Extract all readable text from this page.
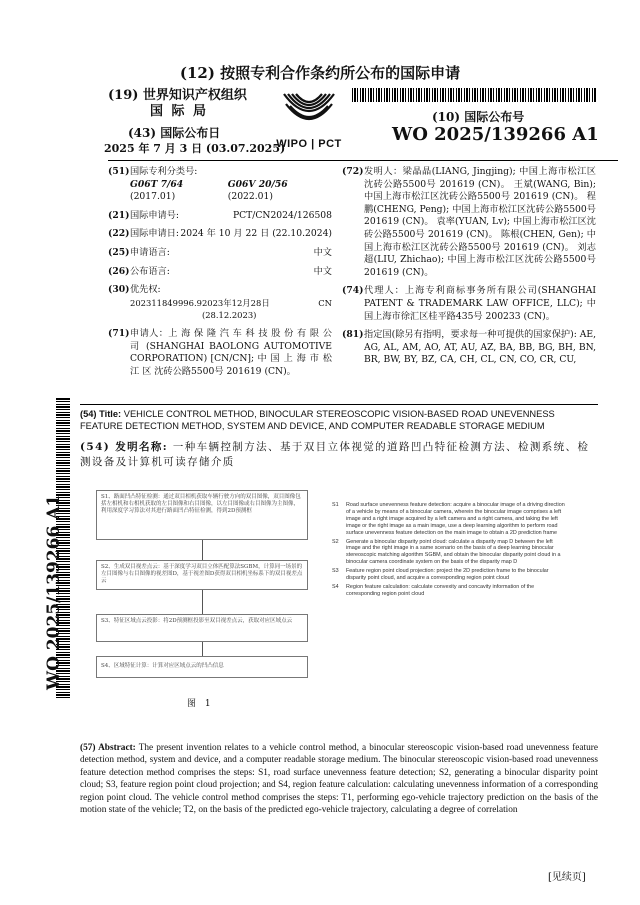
(12) 按照专利合作条约所公布的国际申请
(19) 世界知识产权组织
国 际 局
(43) 国际公布日
2025 年 7 月 3 日 (03.07.2025)
WIPO | PCT
(10) 国际公布号
WO 2025/139266 A1
(51) 国际专利分类号:
G06T 7/64 (2017.01)
G06V 20/56 (2022.01)
(21) 国际申请号:	PCT/CN2024/126508
(22) 国际申请日: 2024 年 10 月 22 日 (22.10.2024)
(25) 申请语言:	中文
(26) 公布语言:	中文
(30) 优先权:
202311849996.9 2023年12月28日 (28.12.2023)
CN
(71) 申请人：上 海 保 隆 汽 车 科 技 股 份 有 限 公 司 (SHANGHAI BAOLONG AUTOMOTIVE CORPORATION) [CN/CN]; 中 国 上 海 市 松 江 区 沈砖公路5500号 201619 (CN)。
(72) 发明人：梁晶晶(LIANG, Jingjing); 中国上海市松江区沈砖公路5500号 201619 (CN)。 王斌(WANG, Bin); 中国上海市松江区沈砖公路5500号 201619 (CN)。 程鹏(CHENG, Peng); 中国上海市松江区沈砖公路5500号 201619 (CN)。 袁率(YUAN, Lv); 中国上海市松江区沈砖公路5500号 201619 (CN)。 陈根(CHEN, Gen); 中国上海市松江区沈砖公路5500号 201619 (CN)。 刘志超(LIU, Zhichao); 中国上海市松江区沈砖公路5500号 201619 (CN)。
(74) 代理人：上海专利商标事务所有限公司(SHANGHAI PATENT & TRADEMARK LAW OFFICE, LLC); 中国上海市徐汇区桂平路435号 200233 (CN)。
(81) 指定国(除另有指明，要求每一种可提供的国家保护): AE, AG, AL, AM, AO, AT, AU, AZ, BA, BB, BG, BH, BN, BR, BW, BY, BZ, CA, CH, CL, CN, CO, CR, CU,
WO 2025/139266 A1
(54) Title: VEHICLE CONTROL METHOD, BINOCULAR STEREOSCOPIC VISION-BASED ROAD UNEVENNESS FEATURE DETECTION METHOD, SYSTEM AND DEVICE, AND COMPUTER READABLE STORAGE MEDIUM
(54) 发明名称: 一种车辆控制方法、基于双目立体视觉的道路凹凸特征检测方法、检测系统、检测设备及计算机可读存储介质
S1、路面凹凸特征检测：通过双目相机获取车辆行驶方向的双目图像，双目图像包括左相机和右相机获取的左目图像和右目图像，以左目图像或右目图像为主图像，利用深度学习算法对其进行路面凹凸特征检测，得到2D预测框
S2、生成双目视差点云：基于深度学习双目立体匹配算法SGBM，计算同一场景的左目图像与右目图像的视差图D，基于视差图D获得双目相机坐标系下的双目视差点云
S3、特征区域点云投影：将2D预测框投影至双目视差点云，获取对应区域点云
S4、区域特征计算：计算对应区域点云的凹凸信息
图 1
S1	Road surface unevenness feature detection: acquire a binocular image of a driving direction of a vehicle by means of a binocular camera, wherein the binocular image comprises a left image and a right image acquired by a left camera and a right camera, and taking the left image or the right image as a main image, use a deep learning algorithm to perform road surface unevenness feature detection on the main image to obtain a 2D prediction frame
S2	Generate a binocular disparity point cloud: calculate a disparity map D between the left image and the right image in a same scenario on the basis of a deep learning binocular stereoscopic matching algorithm SGBM, and obtain the binocular disparity point cloud in a binocular camera coordinate system on the basis of the disparity map D
S3	Feature region point cloud projection: project the 2D prediction frame to the binocular disparity point cloud, and acquire a corresponding region point cloud
S4	Region feature calculation: calculate convexity and concavity information of the corresponding region point cloud
(57) Abstract: The present invention relates to a vehicle control method, a binocular stereoscopic vision-based road unevenness feature detection method, system and device, and a computer readable storage medium. The binocular stereoscopic vision-based road unevenness feature detection method comprises the steps: S1, road surface unevenness feature detection; S2, generating a binocular disparity point cloud; S3, feature region point cloud projection; and S4, region feature calculation: calculating unevenness information of a corresponding region point cloud. The vehicle control method comprises the steps: T1, performing ego-vehicle trajectory prediction on the basis of the motion state of the vehicle; T2, on the basis of the predicted ego-vehicle trajectory, calculating a degree of correlation
[见续页]
